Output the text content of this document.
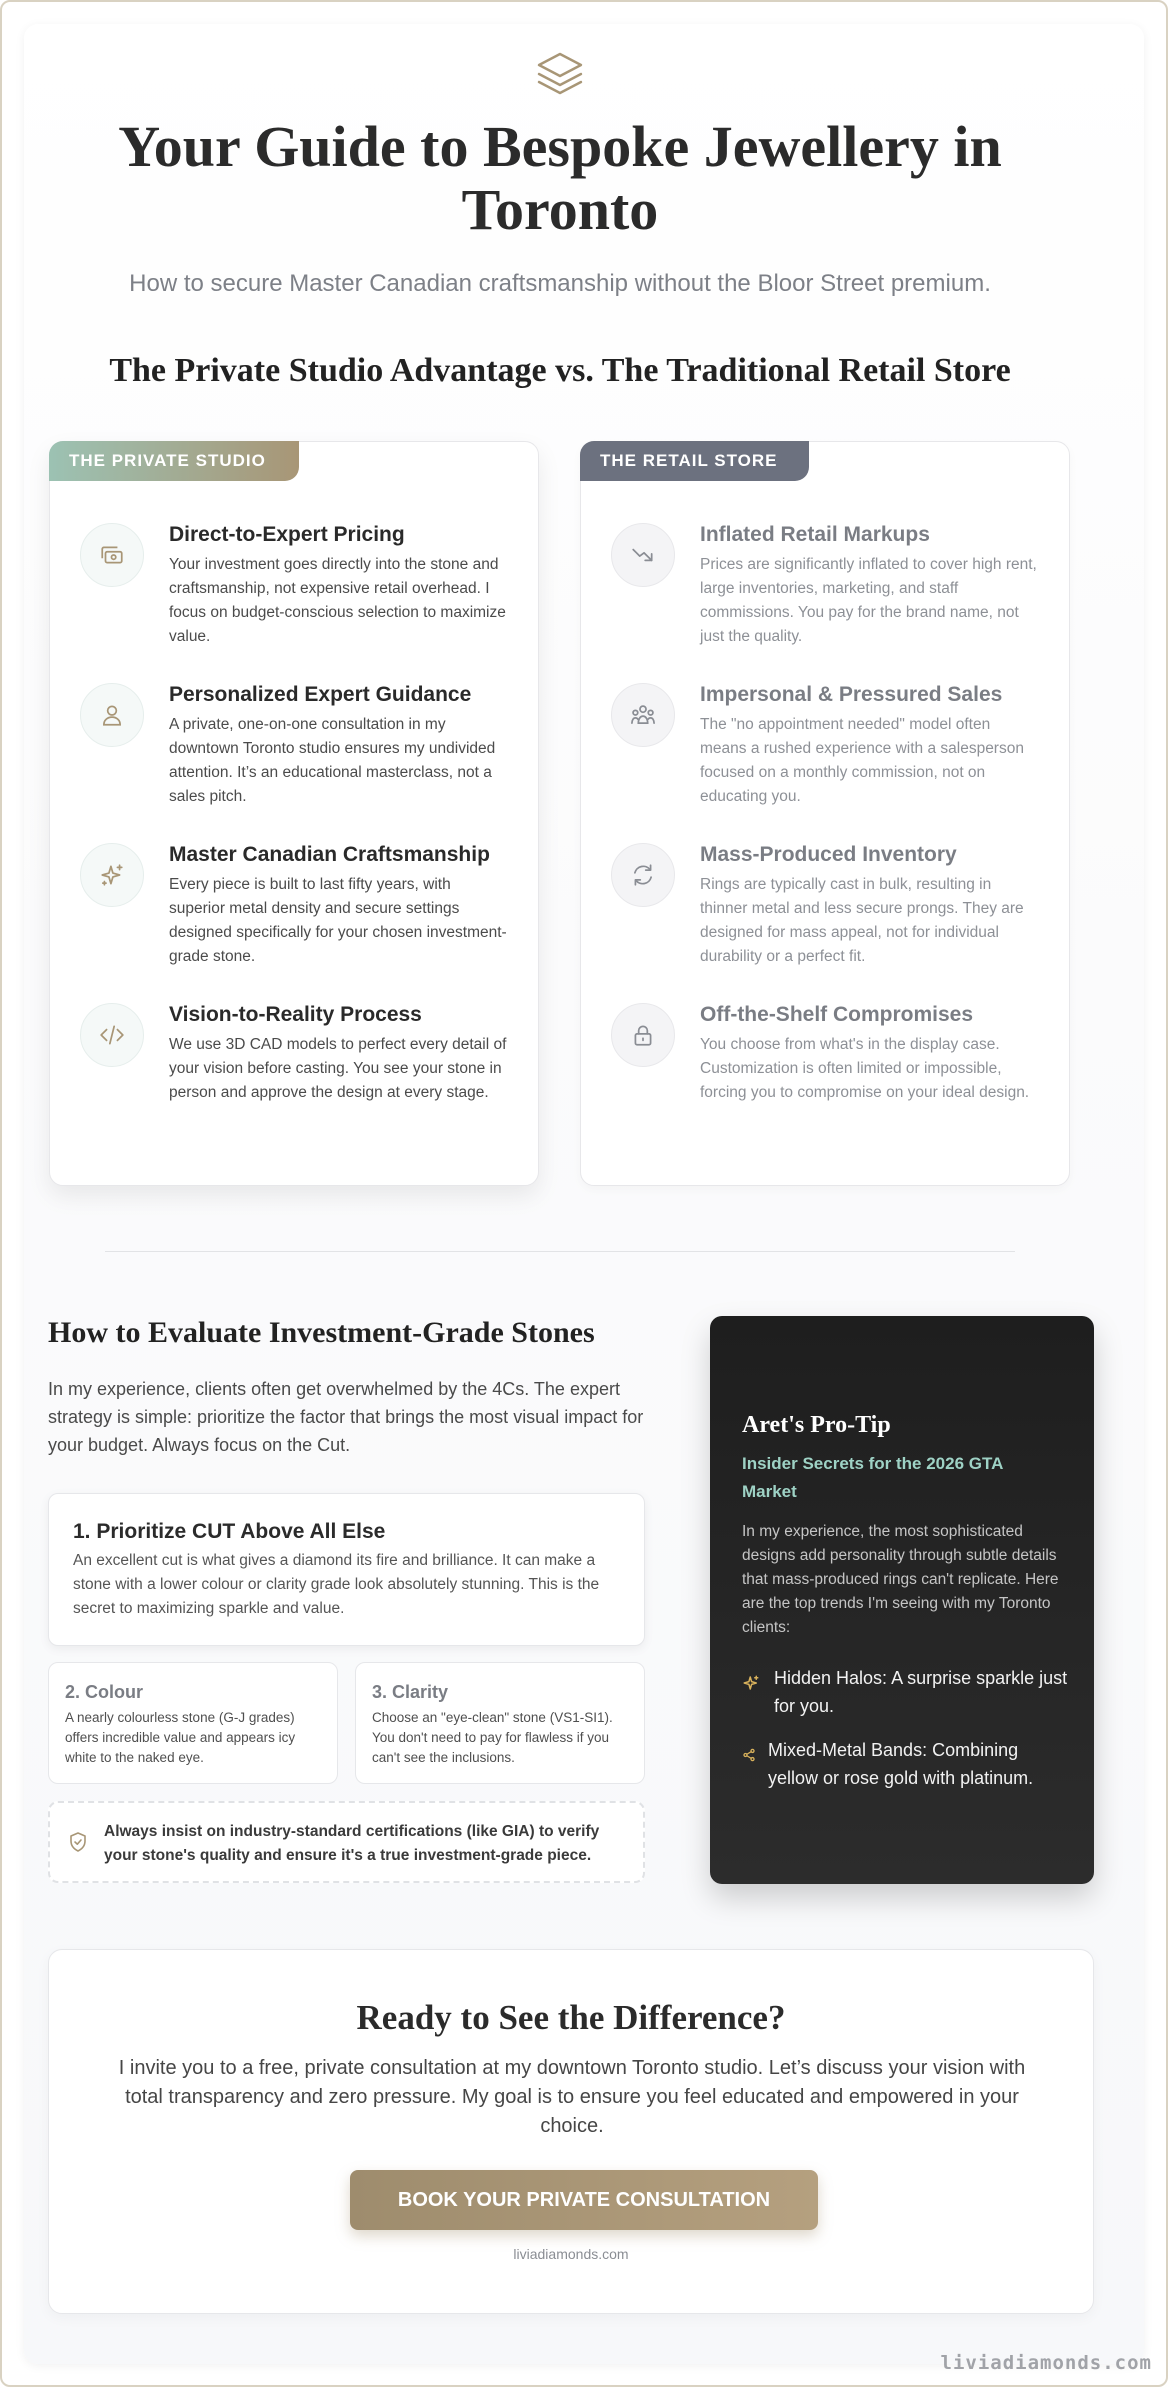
Your Guide to Bespoke Jewellery in Toronto
How to secure Master Canadian craftsmanship without the Bloor Street premium.
The Private Studio Advantage vs. The Traditional Retail Store
THE PRIVATE STUDIO
Direct-to-Expert Pricing
Your investment goes directly into the stone and craftsmanship, not expensive retail overhead. I focus on budget-conscious selection to maximize value.
Personalized Expert Guidance
A private, one-on-one consultation in my downtown Toronto studio ensures my undivided attention. It’s an educational masterclass, not a sales pitch.
Master Canadian Craftsmanship
Every piece is built to last fifty years, with superior metal density and secure settings designed specifically for your chosen investment-grade stone.
Vision-to-Reality Process
We use 3D CAD models to perfect every detail of your vision before casting. You see your stone in person and approve the design at every stage.
THE RETAIL STORE
Inflated Retail Markups
Prices are significantly inflated to cover high rent, large inventories, marketing, and staff commissions. You pay for the brand name, not just the quality.
Impersonal & Pressured Sales
The "no appointment needed" model often means a rushed experience with a salesperson focused on a monthly commission, not on educating you.
Mass-Produced Inventory
Rings are typically cast in bulk, resulting in thinner metal and less secure prongs. They are designed for mass appeal, not for individual durability or a perfect fit.
Off-the-Shelf Compromises
You choose from what's in the display case. Customization is often limited or impossible, forcing you to compromise on your ideal design.
How to Evaluate Investment-Grade Stones

In my experience, clients often get overwhelmed by the 4Cs. The expert strategy is simple: prioritize the factor that brings the most visual impact for your budget. Always focus on the Cut.

1. Prioritize CUT Above All Else
An excellent cut is what gives a diamond its fire and brilliance. It can make a stone with a lower colour or clarity grade look absolutely stunning. This is the secret to maximizing sparkle and value.
2. Colour
A nearly colourless stone (G-J grades) offers incredible value and appears icy white to the naked eye.
3. Clarity
Choose an "eye-clean" stone (VS1-SI1). You don't need to pay for flawless if you can't see the inclusions.
Always insist on industry-standard certifications (like GIA) to verify your stone's quality and ensure it's a true investment-grade piece.
Aret's Pro-Tip
Insider Secrets for the 2026 GTA Market
In my experience, the most sophisticated designs add personality through subtle details that mass-produced rings can't replicate. Here are the top trends I'm seeing with my Toronto clients:
Hidden Halos: A surprise sparkle just for you.
Mixed-Metal Bands: Combining yellow or rose gold with platinum.
Ready to See the Difference?
I invite you to a free, private consultation at my downtown Toronto studio. Let’s discuss your vision with total transparency and zero pressure. My goal is to ensure you feel educated and empowered in your choice.
BOOK YOUR PRIVATE CONSULTATION
liviadiamonds.com
liviadiamonds.com
